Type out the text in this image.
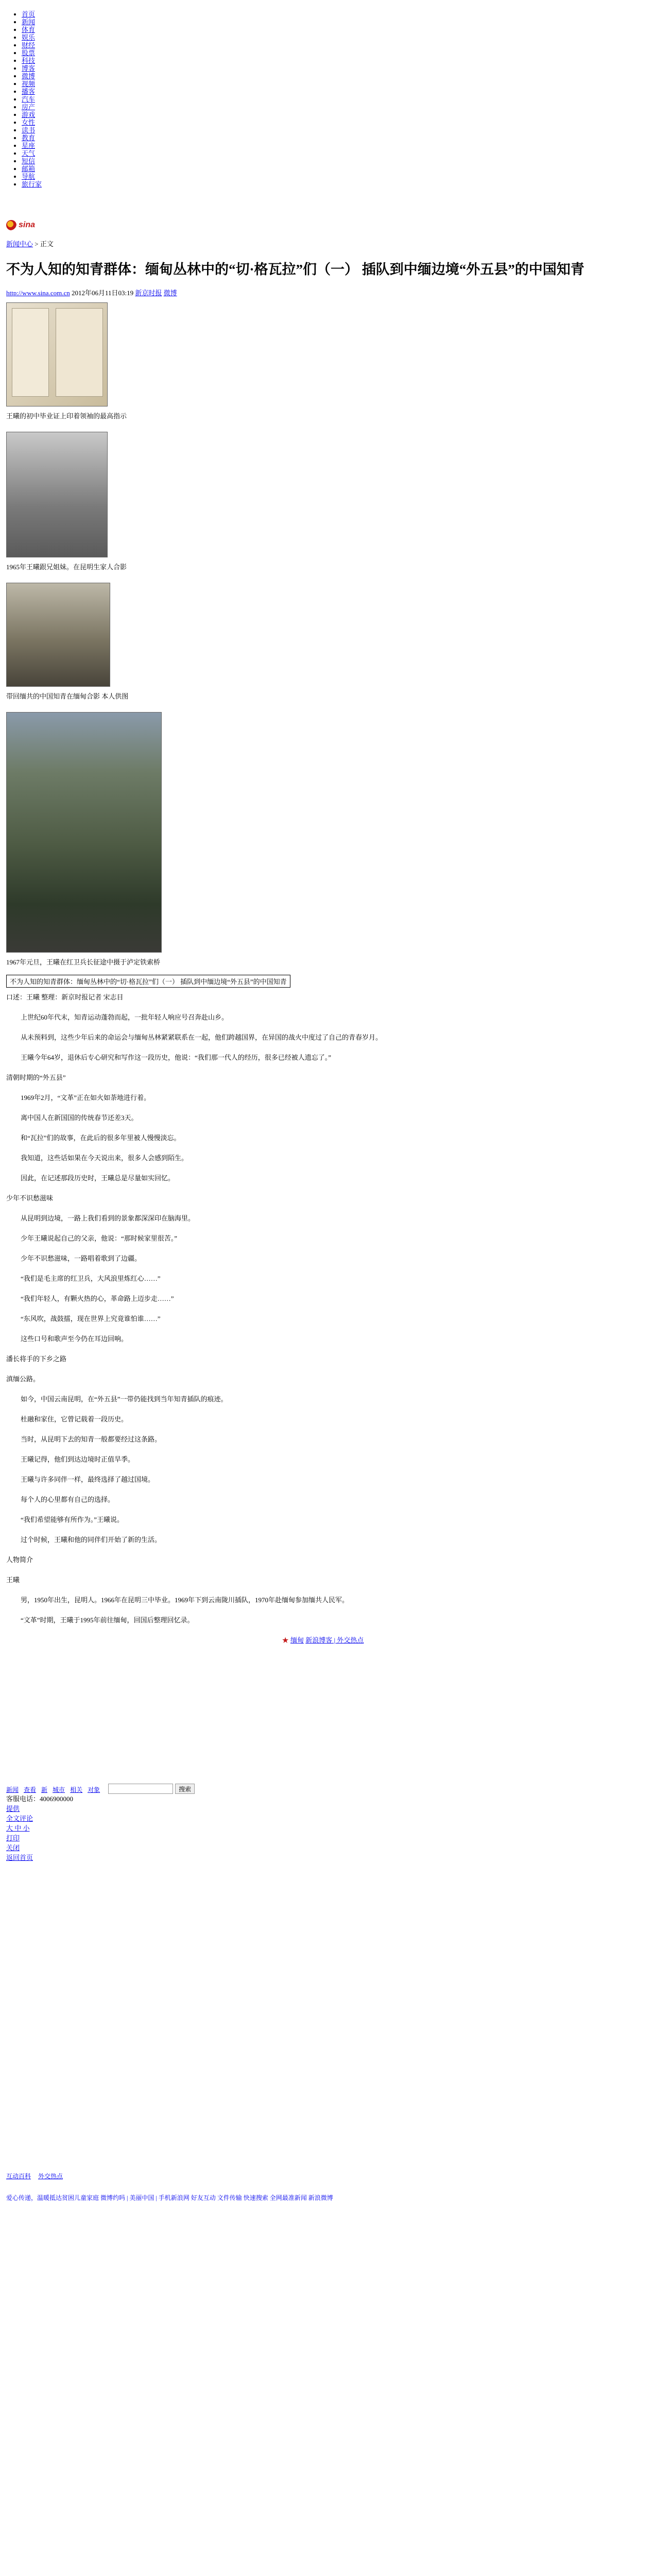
• 首页
• 新闻
• 体育
• 娱乐
• 财经
• 股票
• 科技
• 博客
• 微博
• 视频
• 播客
• 汽车
• 房产
• 游戏
• 女性
• 读书
• 教育
• 星座
• 天气
• 短信
• 邮箱
• 导航
• 旅行家
sina
新闻中心 > 正文
不为人知的知青群体：缅甸丛林中的“切·格瓦拉”们（一） 插队到中缅边境“外五县”的中国知青
http://www.sina.com.cn 2012年06月11日03:19 新京时报 微博
王曦的初中毕业证上印着领袖的最高指示
1965年王曦跟兄姐妹。在昆明生家人合影
带回缅共的中国知青在缅甸合影 本人供图
1967年元旦，王曦在红卫兵长征途中摄于泸定铁索桥
不为人知的知青群体：缅甸丛林中的“切·格瓦拉”们（一） 插队到中缅边境“外五县”的中国知青

口述：王曦 整理：新京时报记者 宋志目

上世纪60年代末，知青运动蓬勃而起，一批年轻人响应号召奔赴山乡。

从未预料到，这些少年后来的命运会与缅甸丛林紧紧联系在一起，他们跨越国界，在异国的战火中度过了自己的青春岁月。

王曦今年64岁，退休后专心研究和写作这一段历史，他说：“我们那一代人的经历，很多已经被人遗忘了。”

清朝时期的“外五县”

1969年2月，“文革”正在如火如荼地进行着。

离中国人在新国国的传统春节还差3天。

和“瓦拉”们的故事，在此后的很多年里被人慢慢淡忘。

我知道，这些话如果在今天说出来，很多人会感到陌生。

因此，在记述那段历史时，王曦总是尽量如实回忆。

少年不识愁滋味

从昆明到边境，一路上我们看到的景象都深深印在脑海里。

少年王曦说起自己的父亲，他说：“那时候家里很苦。”

少年不识愁滋味，一路唱着歌到了边疆。

“我们是毛主席的红卫兵，大风浪里炼红心……”

“我们年轻人，有颗火热的心，革命路上迈步走……”

“东风吹，战鼓擂，现在世界上究竟谁怕谁……”

这些口号和歌声至今仍在耳边回响。

潘长将手的下乡之路

滇缅公路。

如今，中国云南昆明，在“外五县”一带仍能找到当年知青插队的痕迹。

杜融和家住，它曾记载着一段历史。

当时，从昆明下去的知青一般都要经过这条路。

王曦记得，他们到达边境时正值旱季。

王曦与许多同伴一样，最终选择了越过国境。

每个人的心里都有自己的选择。

“我们希望能够有所作为。”王曦说。

过个时候，王曦和他的同伴们开始了新的生活。

人物简介

王曦

男，1950年出生，昆明人。1966年在昆明三中毕业。1969年下到云南陇川插队，1970年赴缅甸参加缅共人民军。

“文革”时期，王曦于1995年前往缅甸，回国后整理回忆录。

★ 缅甸 新浪博客 | 外交热点
新闻 查看 新 城市 相关 对象	搜索
客服电话：4006900000
提供
全文评论
大 中 小
打印
关闭
返回首页
互动百科 外交热点
爱心传递，温暖抵达贫困儿童家庭 微博约吗 | 美丽中国 | 手机新浪网 好友互动 文件传输 快速搜索 全网最准新闻 新浪微博
